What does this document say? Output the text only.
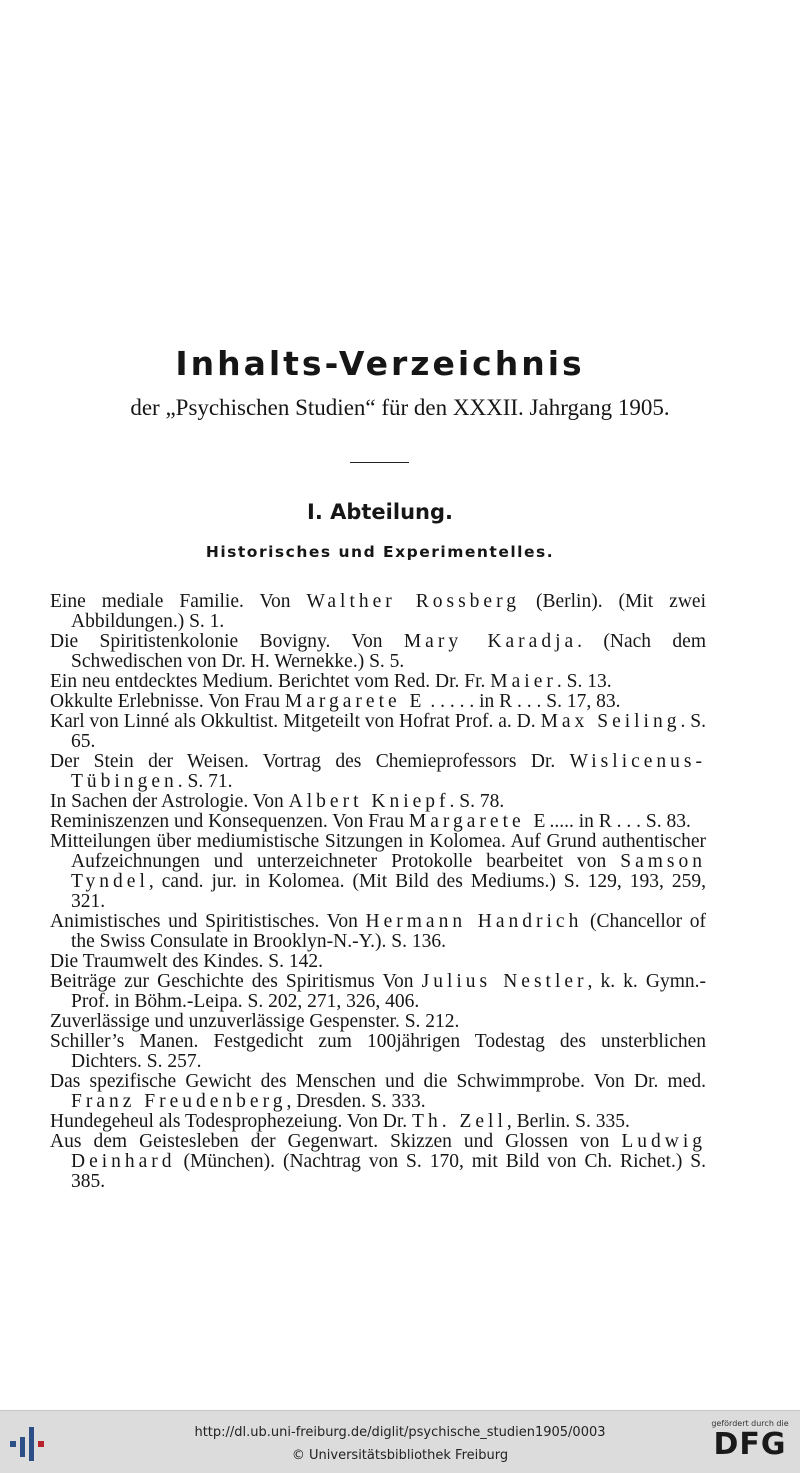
Inhalts-Verzeichnis

der „Psychischen Studien“ für den XXXII. Jahrgang 1905.

I. Abteilung.
Historisches und Experimentelles.
Eine mediale Familie. Von Walther Rossberg (Berlin). (Mit zwei Abbildungen.) S. 1.
Die Spiritistenkolonie Bovigny. Von Mary Karadja. (Nach dem Schwedischen von Dr. H. Wernekke.) S. 5.
Ein neu entdecktes Medium. Berichtet vom Red. Dr. Fr. Maier. S. 13.
Okkulte Erlebnisse. Von Frau Margarete E . . . . . in R . . . S. 17, 83.
Karl von Linné als Okkultist. Mitgeteilt von Hofrat Prof. a. D. Max Seiling. S. 65.
Der Stein der Weisen. Vortrag des Chemieprofessors Dr. Wislicenus-Tübingen. S. 71.
In Sachen der Astrologie. Von Albert Kniepf. S. 78.
Reminiszenzen und Konsequenzen. Von Frau Margarete E..... in R . . . S. 83.
Mitteilungen über mediumistische Sitzungen in Kolomea. Auf Grund authentischer Aufzeichnungen und unterzeichneter Protokolle bearbeitet von Samson Tyndel, cand. jur. in Kolomea. (Mit Bild des Mediums.) S. 129, 193, 259, 321.
Animistisches und Spiritistisches. Von Hermann Handrich (Chancellor of the Swiss Consulate in Brooklyn-N.-Y.). S. 136.
Die Traumwelt des Kindes. S. 142.
Beiträge zur Geschichte des Spiritismus Von Julius Nestler, k. k. Gymn.-Prof. in Böhm.-Leipa. S. 202, 271, 326, 406.
Zuverlässige und unzuverlässige Gespenster. S. 212.
Schiller’s Manen. Festgedicht zum 100jährigen Todestag des unsterblichen Dichters. S. 257.
Das spezifische Gewicht des Menschen und die Schwimmprobe. Von Dr. med. Franz Freudenberg, Dresden. S. 333.
Hundegeheul als Todesprophezeiung. Von Dr. Th. Zell, Berlin. S. 335.
Aus dem Geistesleben der Gegenwart. Skizzen und Glossen von Ludwig Deinhard (München). (Nachtrag von S. 170, mit Bild von Ch. Richet.) S. 385.

http://dl.ub.uni-freiburg.de/diglit/psychische_studien1905/0003

© Universitätsbibliothek Freiburg

gefördert durch die
DFG
